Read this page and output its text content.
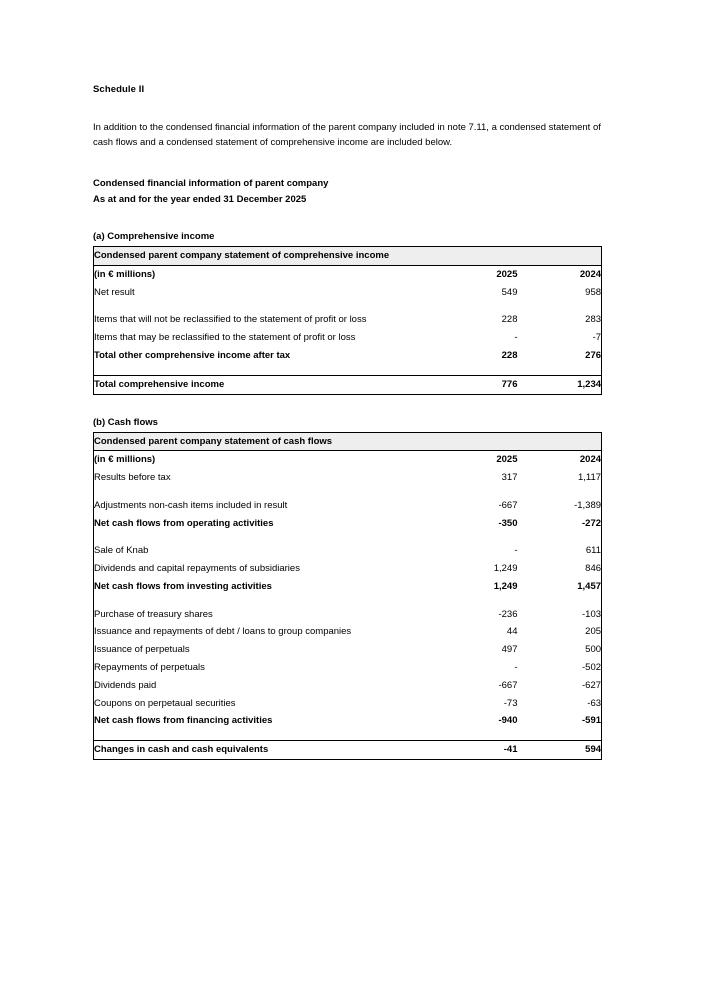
Schedule II
In addition to the condensed financial information of the parent company included in note 7.11, a condensed statement of cash flows and a condensed statement of comprehensive income are included below.
Condensed financial information of parent company
As at and for the year ended 31 December 2025
(a) Comprehensive income
Condensed parent company statement of comprehensive income		
(in € millions)	2025	2024
Net result	549	958

Items that will not be reclassified to the statement of profit or loss	228	283
Items that may be reclassified to the statement of profit or loss	-	-7
Total other comprehensive income after tax	228	276

Total comprehensive income	776	1,234
(b) Cash flows
Condensed parent company statement of cash flows		
(in € millions)	2025	2024
Results before tax	317	1,117

Adjustments non-cash items included in result	-667	-1,389
Net cash flows from operating activities	-350	-272

Sale of Knab	-	611
Dividends and capital repayments of subsidiaries	1,249	846
Net cash flows from investing activities	1,249	1,457

Purchase of treasury shares	-236	-103
Issuance and repayments of debt / loans to group companies	44	205
Issuance of perpetuals	497	500
Repayments of perpetuals	-	-502
Dividends paid	-667	-627
Coupons on perpetaual securities	-73	-63
Net cash flows from financing activities	-940	-591

Changes in cash and cash equivalents	-41	594
